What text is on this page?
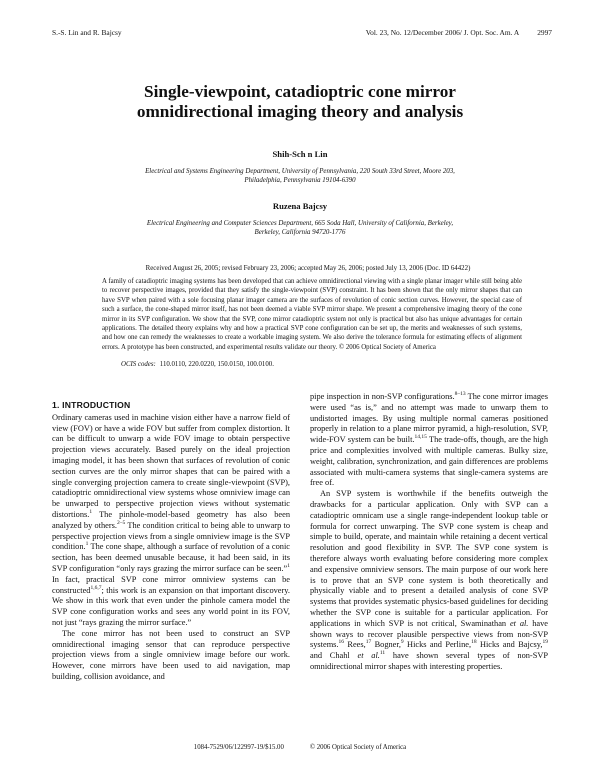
S.-S. Lin and R. Bajcsy	Vol. 23, No. 12/December 2006/ J. Opt. Soc. Am. A 2997
Single-viewpoint, catadioptric cone mirror
omnidirectional imaging theory and analysis
Shih-Sch n Lin
Electrical and Systems Engineering Department, University of Pennsylvania, 220 South 33rd Street, Moore 203,
Philadelphia, Pennsylvania 19104-6390
Ruzena Bajcsy
Electrical Engineering and Computer Sciences Department, 665 Soda Hall, University of California, Berkeley,
Berkeley, California 94720-1776
Received August 26, 2005; revised February 23, 2006; accepted May 26, 2006; posted July 13, 2006 (Doc. ID 64422)
A family of catadioptric imaging systems has been developed that can achieve omnidirectional viewing with a single planar imager while still being able to recover perspective images, provided that they satisfy the single-viewpoint (SVP) constraint. It has been shown that the only mirror shapes that can have SVP when paired with a sole focusing planar imager camera are the surfaces of revolution of conic section curves. However, the special case of such a surface, the cone-shaped mirror itself, has not been deemed a viable SVP mirror shape. We present a comprehensive imaging theory of the cone mirror in its SVP configuration. We show that the SVP, cone mirror catadioptric system not only is practical but also has unique advantages for certain applications. The detailed theory explains why and how a practical SVP cone configuration can be set up, the merits and weaknesses of such systems, and how one can remedy the weaknesses to create a workable imaging system. We also derive the tolerance formula for estimating effects of alignment errors. A prototype has been constructed, and experimental results validate our theory. © 2006 Optical Society of America
OCIS codes: 110.0110, 220.0220, 150.0150, 100.0100.
1. INTRODUCTION

Ordinary cameras used in machine vision either have a narrow field of view (FOV) or have a wide FOV but suffer from complex distortion. It can be difficult to unwarp a wide FOV image to obtain perspective projection views accurately. Based purely on the ideal projection imaging model, it has been shown that surfaces of revolution of conic section curves are the only mirror shapes that can be paired with a single converging projection camera to create single-viewpoint (SVP), catadioptric omnidirectional view systems whose omniview image can be unwarped to perspective projection views without systematic distortions.$^1$ The pinhole-model-based geometry has also been analyzed by others.$^{2-5}$ The condition critical to being able to unwarp to perspective projection views from a single omniview image is the SVP condition.$^1$ The cone shape, although a surface of revolution of a conic section, has been deemed unusable because, it had been said, in its SVP configuration “only rays grazing the mirror surface can be seen.”$^1$ In fact, practical SVP cone mirror omniview systems can be constructed$^{1,6,7}$; this work is an expansion on that important discovery. We show in this work that even under the pinhole camera model the SVP cone configuration works and sees any world point in its FOV, not just “rays grazing the mirror surface.”

The cone mirror has not been used to construct an SVP omnidirectional imaging sensor that can reproduce perspective projection views from a single omniview image before our work. However, cone mirrors have been used to aid navigation, map building, collision avoidance, and

pipe inspection in non-SVP configurations.$^{8-13}$ The cone mirror images were used “as is,” and no attempt was made to unwarp them to undistorted images. By using multiple normal cameras positioned properly in relation to a plane mirror pyramid, a high-resolution, SVP, wide-FOV system can be built.$^{14,15}$ The trade-offs, though, are the high price and complexities involved with multiple cameras. Bulky size, weight, calibration, synchronization, and gain differences are problems associated with multi-camera systems that single-camera systems are free of.

An SVP system is worthwhile if the benefits outweigh the drawbacks for a particular application. Only with SVP can a catadioptric omnicam use a single range-independent lookup table or formula for correct unwarping. The SVP cone system is cheap and simple to build, operate, and maintain while retaining a decent vertical resolution and good flexibility in SVP. The SVP cone system is therefore always worth evaluating before considering more complex and expensive omniview sensors. The main purpose of our work here is to prove that an SVP cone system is both theoretically and physically viable and to present a detailed analysis of cone SVP systems that provides systematic physics-based guidelines for deciding whether the SVP cone is suitable for a particular application. For applications in which SVP is not critical, Swaminathan et al. have shown ways to recover plausible perspective views from non-SVP systems.$^{16}$ Rees,$^{17}$ Bogner,$^9$ Hicks and Perline,$^{18}$ Hicks and Bajcsy,$^{19}$ and Chahl et al.$^{11}$ have shown several types of non-SVP omnidirectional mirror shapes with interesting properties.

1084-7529/06/122997-19/$15.00	© 2006 Optical Society of America
